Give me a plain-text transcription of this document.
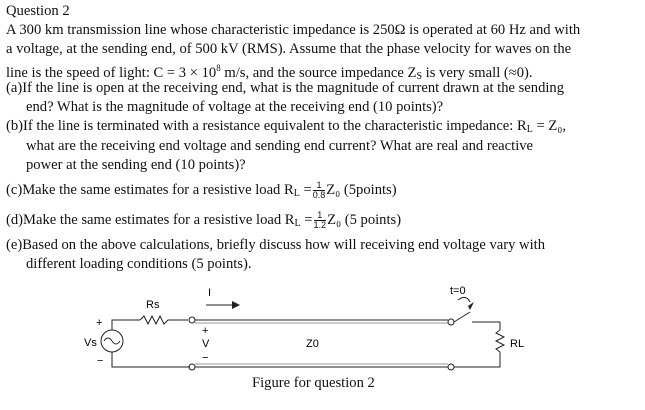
Question 2
A 300 km transmission line whose characteristic impedance is 250Ω is operated at 60 Hz and with
a voltage, at the sending end, of 500 kV (RMS). Assume that the phase velocity for waves on the
line is the speed of light: $C = 3 \times 10^8$ m/s, and the source impedance $Z_S$ is very small (≈0).
(a)If the line is open at the receiving end, what is the magnitude of current drawn at the sending
end? What is the magnitude of voltage at the receiving end (10 points)?
(b)If the line is terminated with a resistance equivalent to the characteristic impedance: $R_L = Z_0$,
what are the receiving end voltage and sending end current? What are real and reactive
power at the sending end (10 points)?
(c)Make the same estimates for a resistive load $R_L = \frac{1}{0.8} Z_0$ (5points)
(d)Make the same estimates for a resistive load $R_L = \frac{1}{1.2} Z_0$ (5 points)
(e)Based on the above calculations, briefly discuss how will receiving end voltage vary with
different loading conditions (5 points).
+
Vs
−
Rs
I
+
V
−
Z0
t=0
RL
Figure for question 2
